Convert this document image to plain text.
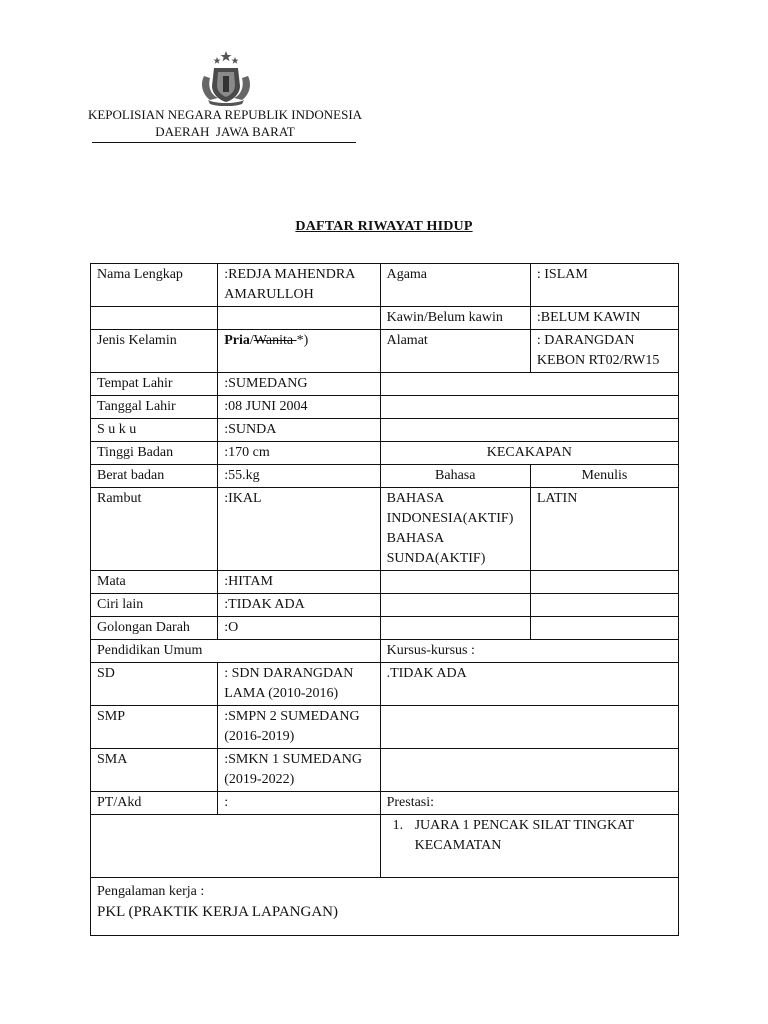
KEPOLISIAN NEGARA REPUBLIK INDONESIA
DAERAH  JAWA BARAT
DAFTAR RIWAYAT HIDUP
Nama Lengkap	:REDJA MAHENDRA AMARULLOH	Agama	: ISLAM
		Kawin/Belum kawin	:BELUM KAWIN
Jenis Kelamin	Pria/Wanita *)	Alamat	: DARANGDAN KEBON RT02/RW15
Tempat Lahir	:SUMEDANG		
Tanggal Lahir	:08 JUNI 2004		
S u k u	:SUNDA		
Tinggi Badan	:170 cm	KECAKAPAN	
Berat badan	:55.kg	Bahasa	Menulis
Rambut	:IKAL	BAHASA INDONESIA(AKTIF) BAHASA SUNDA(AKTIF)	LATIN
Mata	:HITAM		
Ciri lain	:TIDAK ADA		
Golongan Darah	:O		
Pendidikan Umum		Kursus-kursus :	
SD	: SDN DARANGDAN LAMA (2010-2016)	.TIDAK ADA	
SMP	:SMPN 2 SUMEDANG (2016-2019)		
SMA	:SMKN 1 SUMEDANG (2019-2022)		
PT/Akd	:	Prestasi:	

		1. JUARA 1 PENCAK SILAT TINGKAT KECAMATAN	

Pengalaman kerja :
PKL (PRAKTIK KERJA LAPANGAN)			
